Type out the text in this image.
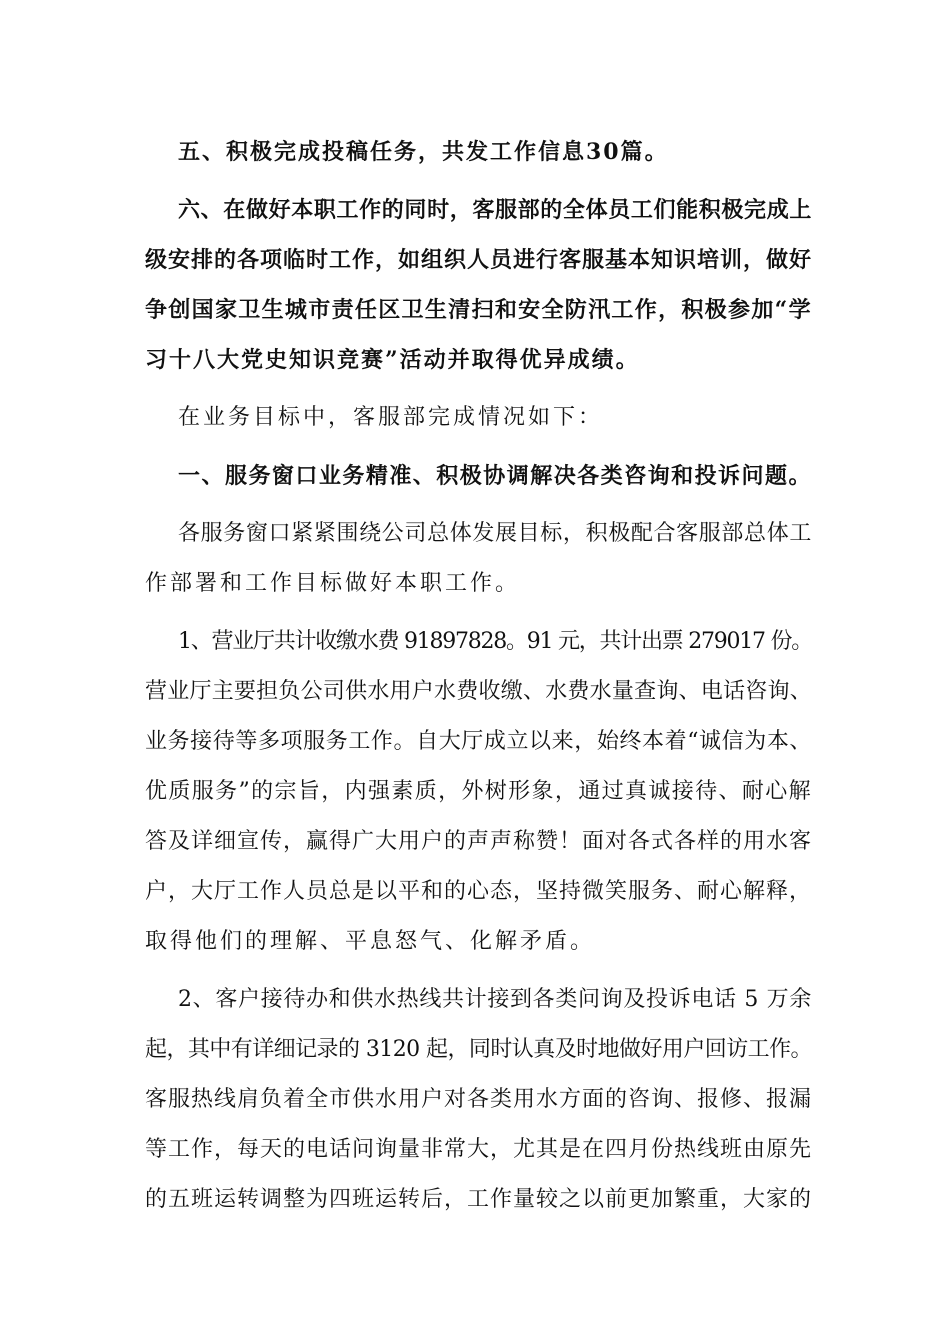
五、积极完成投稿任务，共发工作信息30篇。
六、在做好本职工作的同时，客服部的全体员工们能积极完成上
级安排的各项临时工作，如组织人员进行客服基本知识培训，做好
争创国家卫生城市责任区卫生清扫和安全防汛工作，积极参加“学
习十八大党史知识竞赛”活动并取得优异成绩。
在业务目标中，客服部完成情况如下：
一、服务窗口业务精准、积极协调解决各类咨询和投诉问题。
各服务窗口紧紧围绕公司总体发展目标，积极配合客服部总体工
作部署和工作目标做好本职工作。
1、营业厅共计收缴水费 91897828。91 元，共计出票 279017 份。
营业厅主要担负公司供水用户水费收缴、水费水量查询、电话咨询、
业务接待等多项服务工作。自大厅成立以来，始终本着“诚信为本、
优质服务”的宗旨，内强素质，外树形象，通过真诚接待、耐心解
答及详细宣传，赢得广大用户的声声称赞！面对各式各样的用水客
户，大厅工作人员总是以平和的心态，坚持微笑服务、耐心解释，
取得他们的理解、平息怒气、化解矛盾。
2、客户接待办和供水热线共计接到各类问询及投诉电话 5 万余
起，其中有详细记录的 3120 起，同时认真及时地做好用户回访工作。
客服热线肩负着全市供水用户对各类用水方面的咨询、报修、报漏
等工作，每天的电话问询量非常大，尤其是在四月份热线班由原先
的五班运转调整为四班运转后，工作量较之以前更加繁重，大家的
